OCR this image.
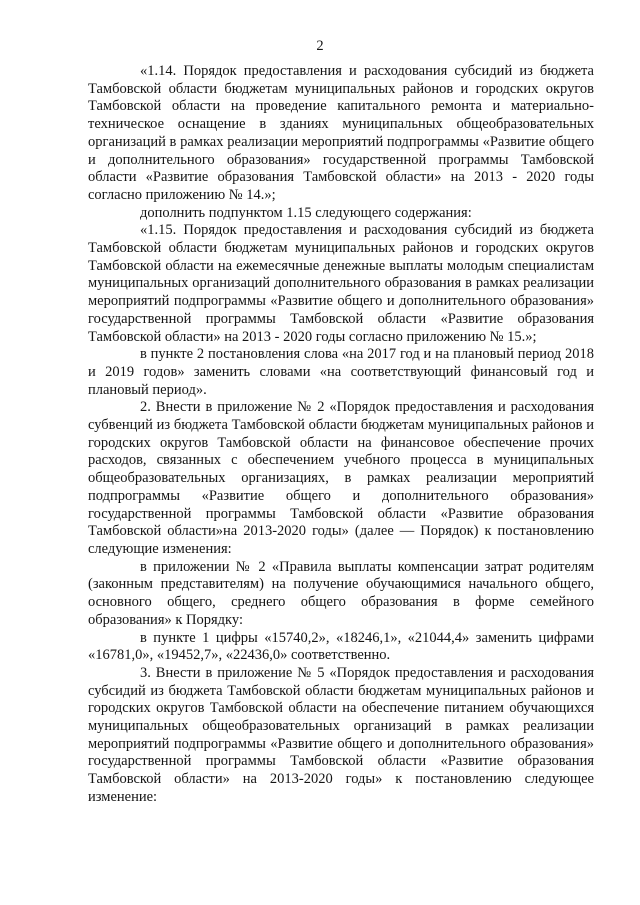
2

«1.14. Порядок предоставления и расходования субсидий из бюджета Тамбовской области бюджетам муниципальных районов и городских округов Тамбовской области на проведение капитального ремонта и материально-техническое оснащение в зданиях муниципальных общеобразовательных организаций в рамках реализации мероприятий подпрограммы «Развитие общего и дополнительного образования» государственной программы Тамбовской области «Развитие образования Тамбовской области» на 2013 - 2020 годы согласно приложению № 14.»;

дополнить подпунктом 1.15 следующего содержания:

«1.15. Порядок предоставления и расходования субсидий из бюджета Тамбовской области бюджетам муниципальных районов и городских округов Тамбовской области на ежемесячные денежные выплаты молодым специалистам муниципальных организаций дополнительного образования в рамках реализации мероприятий подпрограммы «Развитие общего и дополнительного образования» государственной программы Тамбовской области «Развитие образования Тамбовской области» на 2013 - 2020 годы согласно приложению № 15.»;

в пункте 2 постановления слова «на 2017 год и на плановый период 2018 и 2019 годов» заменить словами «на соответствующий финансовый год и плановый период».

2. Внести в приложение № 2 «Порядок предоставления и расходования субвенций из бюджета Тамбовской области бюджетам муниципальных районов и городских округов Тамбовской области на финансовое обеспечение прочих расходов, связанных с обеспечением учебного процесса в муниципальных общеобразовательных организациях, в рамках реализации мероприятий подпрограммы «Развитие общего и дополнительного образования» государственной программы Тамбовской области «Развитие образования Тамбовской области»на 2013-2020 годы» (далее — Порядок) к постановлению следующие изменения:

в приложении № 2 «Правила выплаты компенсации затрат родителям (законным представителям) на получение обучающимися начального общего, основного общего, среднего общего образования в форме семейного образования» к Порядку:

в пункте 1 цифры «15740,2», «18246,1», «21044,4» заменить цифрами «16781,0», «19452,7», «22436,0» соответственно.

3. Внести в приложение № 5 «Порядок предоставления и расходования субсидий из бюджета Тамбовской области бюджетам муниципальных районов и городских округов Тамбовской области на обеспечение питанием обучающихся муниципальных общеобразовательных организаций в рамках реализации мероприятий подпрограммы «Развитие общего и дополнительного образования» государственной программы Тамбовской области «Развитие образования Тамбовской области» на 2013-2020 годы» к постановлению следующее изменение:
